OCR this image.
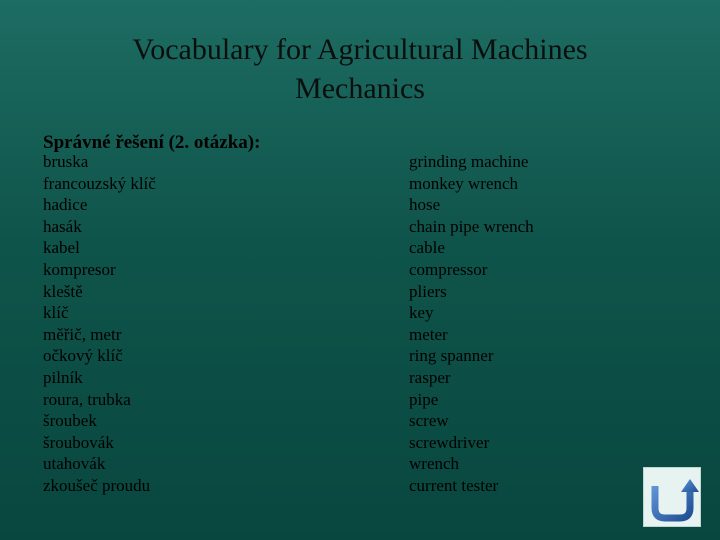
Vocabulary for Agricultural Machines
Mechanics
Správné řešení (2. otázka):
bruska
francouzský klíč
hadice
hasák
kabel
kompresor
kleště
klíč
měřič, metr
očkový klíč
pilník
roura, trubka
šroubek
šroubovák
utahovák
zkoušeč proudu
grinding machine
monkey wrench
hose
chain pipe wrench
cable
compressor
pliers
key
meter
ring spanner
rasper
pipe
screw
screwdriver
wrench
current tester
